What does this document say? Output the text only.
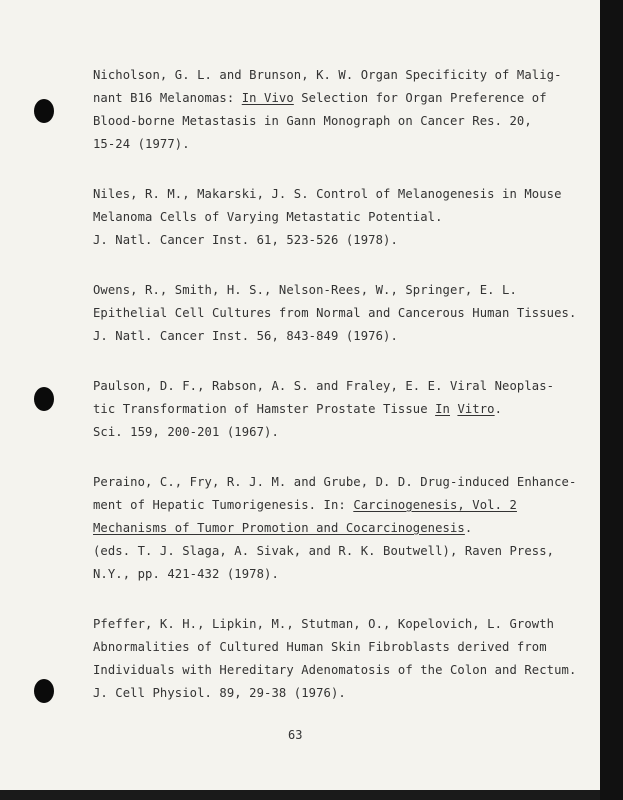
Nicholson, G. L. and Brunson, K. W. Organ Specificity of Malig-
nant B16 Melanomas: In Vivo Selection for Organ Preference of
Blood-borne Metastasis in Gann Monograph on Cancer Res. 20,
15-24 (1977).
Niles, R. M., Makarski, J. S. Control of Melanogenesis in Mouse
Melanoma Cells of Varying Metastatic Potential.
J. Natl. Cancer Inst. 61, 523-526 (1978).
Owens, R., Smith, H. S., Nelson-Rees, W., Springer, E. L.
Epithelial Cell Cultures from Normal and Cancerous Human Tissues.
J. Natl. Cancer Inst. 56, 843-849 (1976).
Paulson, D. F., Rabson, A. S. and Fraley, E. E. Viral Neoplas-
tic Transformation of Hamster Prostate Tissue In Vitro.
Sci. 159, 200-201 (1967).
Peraino, C., Fry, R. J. M. and Grube, D. D. Drug-induced Enhance-
ment of Hepatic Tumorigenesis. In: Carcinogenesis, Vol. 2
Mechanisms of Tumor Promotion and Cocarcinogenesis.
(eds. T. J. Slaga, A. Sivak, and R. K. Boutwell), Raven Press,
N.Y., pp. 421-432 (1978).
Pfeffer, K. H., Lipkin, M., Stutman, O., Kopelovich, L. Growth
Abnormalities of Cultured Human Skin Fibroblasts derived from
Individuals with Hereditary Adenomatosis of the Colon and Rectum.
J. Cell Physiol. 89, 29-38 (1976).
63
